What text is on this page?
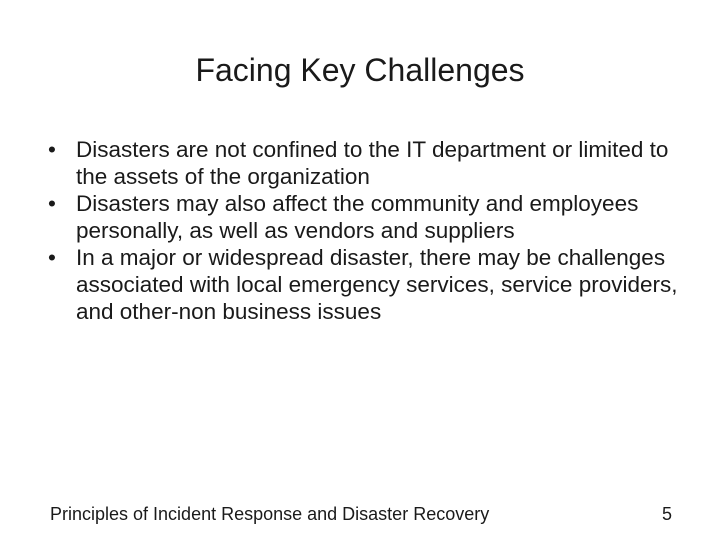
Facing Key Challenges
• Disasters are not confined to the IT department or limited to the assets of the organization
• Disasters may also affect the community and employees personally, as well as vendors and suppliers
• In a major or widespread disaster, there may be challenges associated with local emergency services, service providers, and other-non business issues
Principles of Incident Response and Disaster Recovery	5
